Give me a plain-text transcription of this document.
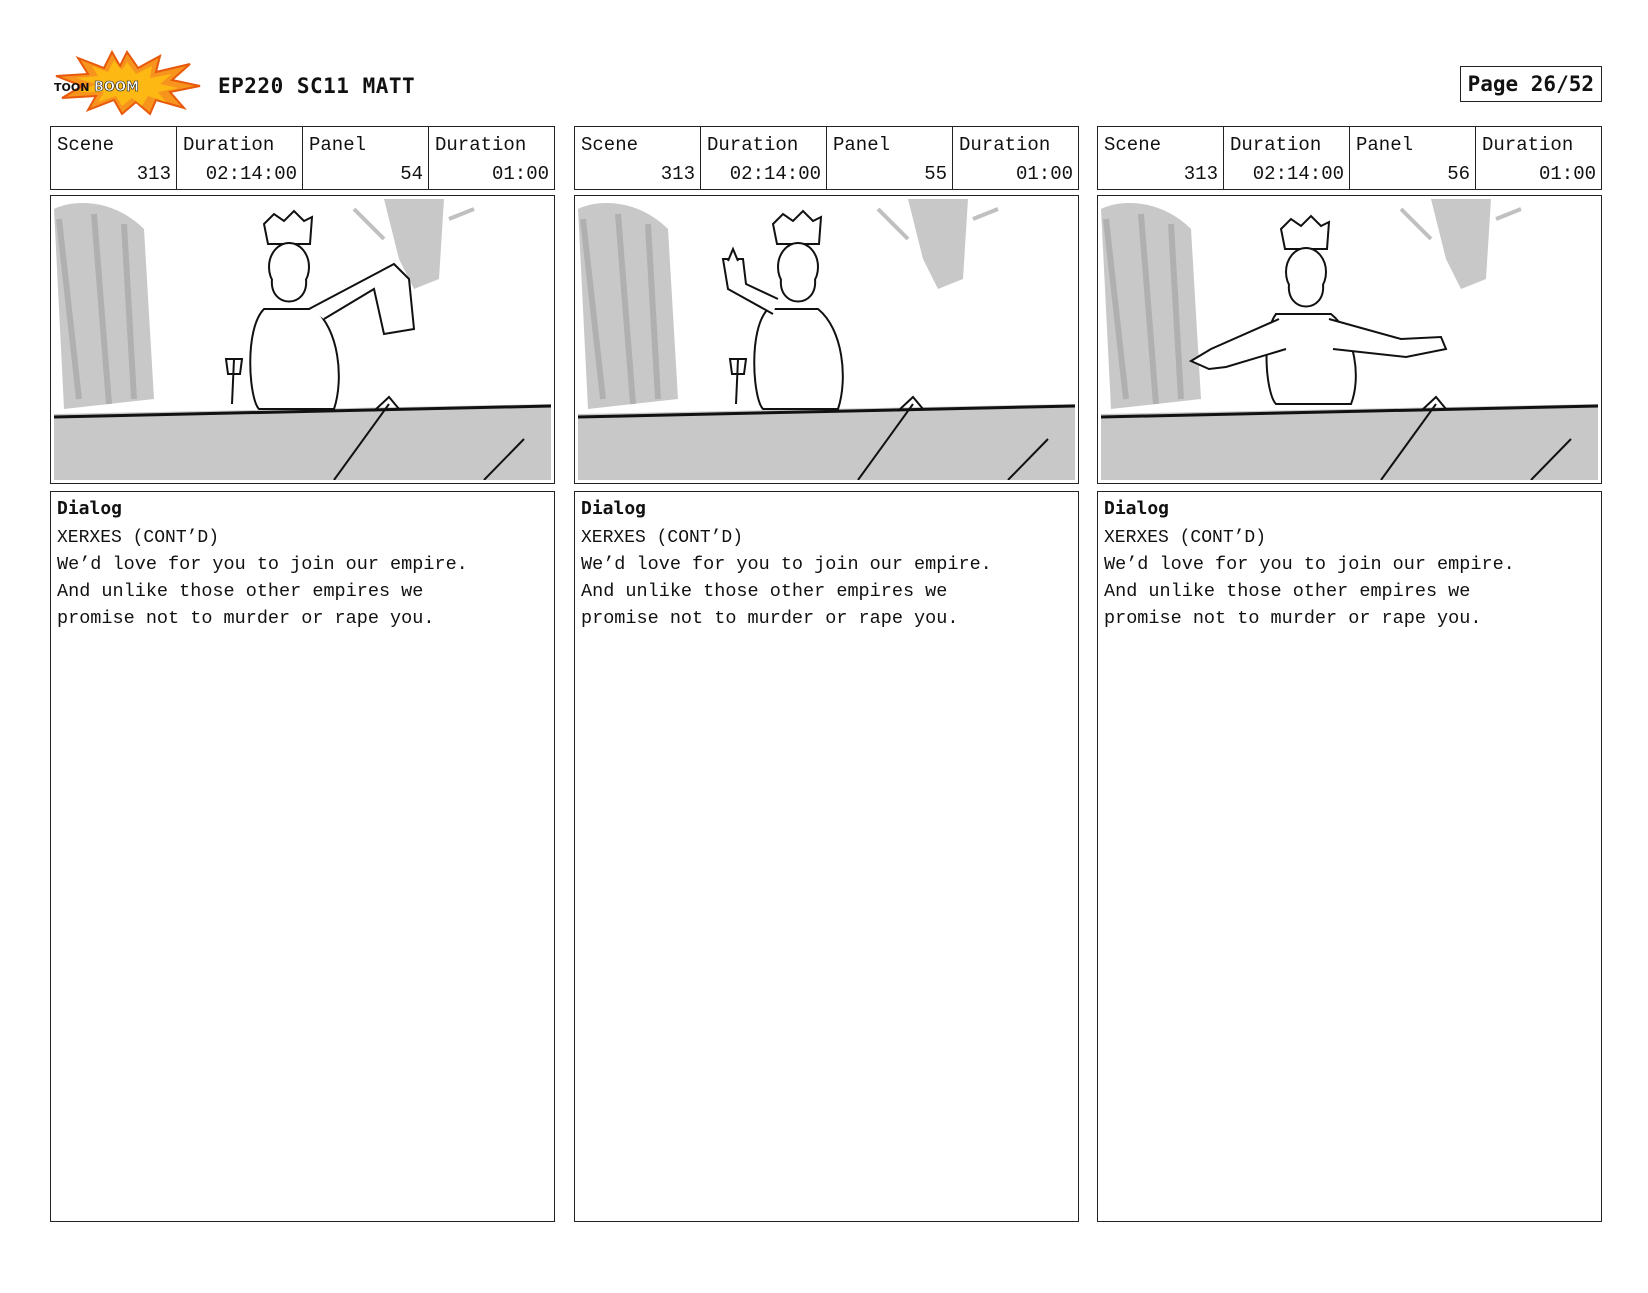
TOON BOOM	EP220 SC11 MATT	Page 26/52
Scene
313
Duration
02:14:00
Panel
54
Duration
01:00
Dialog
XERXES (CONT’D)
We’d love for you to join our empire.
And unlike those other empires we
promise not to murder or rape you.
Scene
313
Duration
02:14:00
Panel
55
Duration
01:00
Dialog
XERXES (CONT’D)
We’d love for you to join our empire.
And unlike those other empires we
promise not to murder or rape you.
Scene
313
Duration
02:14:00
Panel
56
Duration
01:00
Dialog
XERXES (CONT’D)
We’d love for you to join our empire.
And unlike those other empires we
promise not to murder or rape you.
